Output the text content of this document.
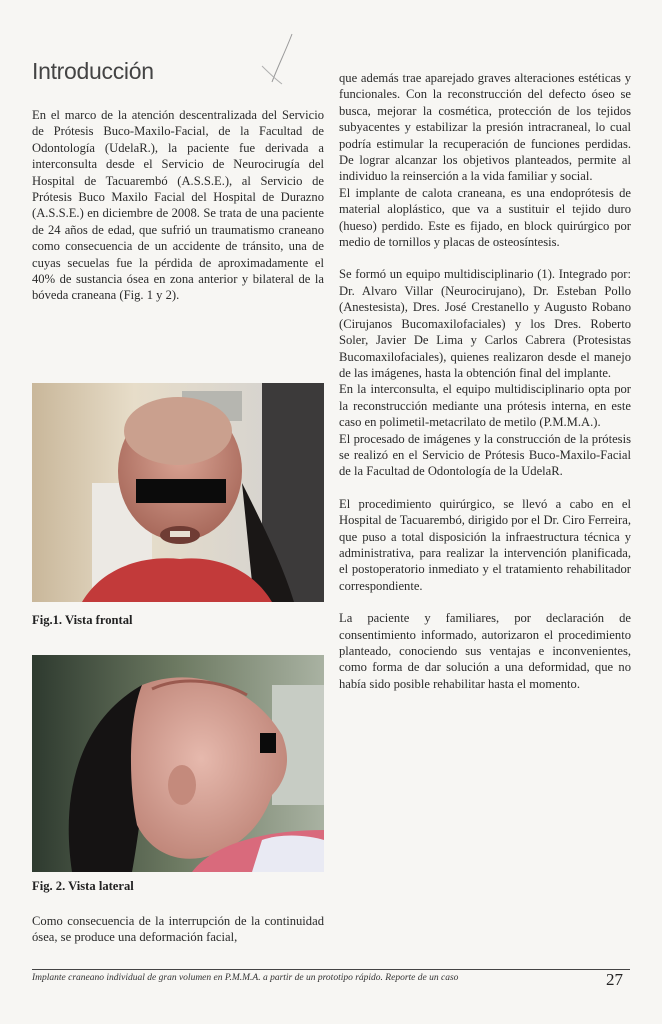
Introducción

En el marco de la atención descentralizada del Servicio de Prótesis Buco-Maxilo-Facial, de la Facultad de Odontología (UdelaR.), la paciente fue derivada a interconsulta desde el Servicio de Neurocirugía del Hospital de Tacuarembó (A.S.S.E.), al Servicio de Prótesis Buco Maxilo Facial del Hospital de Durazno (A.S.S.E.) en diciembre de 2008. Se trata de una paciente de 24 años de edad, que sufrió un traumatismo craneano como consecuencia de un accidente de tránsito, una de cuyas secuelas fue la pérdida de aproximadamente el 40% de sustancia ósea en zona anterior y bilateral de la bóveda craneana (Fig. 1 y 2).

Fig.1. Vista frontal
Fig. 2. Vista lateral

Como consecuencia de la interrupción de la continuidad ósea, se produce una deformación facial,

que además trae aparejado graves alteraciones estéticas y funcionales. Con la reconstrucción del defecto óseo se busca, mejorar la cosmética, protección de los tejidos subyacentes y estabilizar la presión intracraneal, lo cual podría estimular la recuperación de funciones perdidas. De lograr alcanzar los objetivos planteados, permite al individuo la reinserción a la vida familiar y social.

El implante de calota craneana, es una endoprótesis de material aloplástico, que va a sustituir el tejido duro (hueso) perdido. Este es fijado, en block quirúrgico por medio de tornillos y placas de osteosíntesis.

Se formó un equipo multidisciplinario (1). Integrado por: Dr. Alvaro Villar (Neurocirujano), Dr. Esteban Pollo (Anestesista), Dres. José Crestanello y Augusto Robano (Cirujanos Bucomaxilofaciales) y los Dres. Roberto Soler, Javier De Lima y Carlos Cabrera (Protesistas Bucomaxilofaciales), quienes realizaron desde el manejo de las imágenes, hasta la obtención final del implante.

En la interconsulta, el equipo multidisciplinario opta por la reconstrucción mediante una prótesis interna, en este caso en polimetil-metacrilato de metilo (P.M.M.A.).

El procesado de imágenes y la construcción de la prótesis se realizó en el Servicio de Prótesis Buco-Maxilo-Facial de la Facultad de Odontología de la UdelaR.

El procedimiento quirúrgico, se llevó a cabo en el Hospital de Tacuarembó, dirigido por el Dr. Ciro Ferreira, que puso a total disposición la infraestructura técnica y administrativa, para realizar la intervención planificada, el postoperatorio inmediato y el tratamiento rehabilitador correspondiente.

La paciente y familiares, por declaración de consentimiento informado, autorizaron el procedimiento planteado, conociendo sus ventajas e inconvenientes, como forma de dar solución a una deformidad, que no había sido posible rehabilitar hasta el momento.

Implante craneano individual de gran volumen en P.M.M.A. a partir de un prototipo rápido. Reporte de un caso	27
